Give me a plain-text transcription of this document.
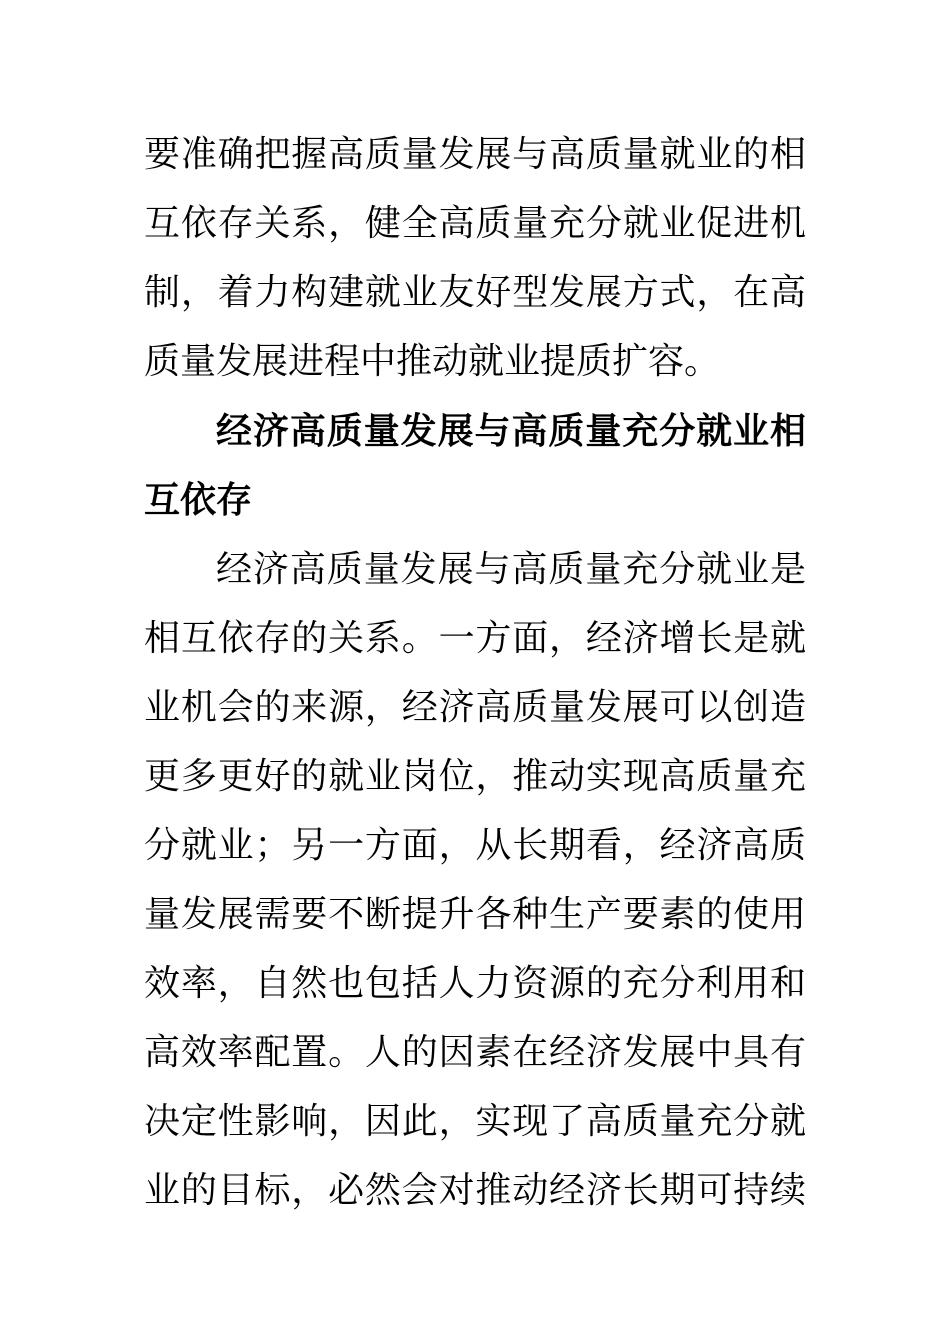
要准确把握高质量发展与高质量就业的相
互依存关系，健全高质量充分就业促进机
制，着力构建就业友好型发展方式，在高
质量发展进程中推动就业提质扩容。
经济高质量发展与高质量充分就业相
互依存
经济高质量发展与高质量充分就业是
相互依存的关系。一方面，经济增长是就
业机会的来源，经济高质量发展可以创造
更多更好的就业岗位，推动实现高质量充
分就业；另一方面，从长期看，经济高质
量发展需要不断提升各种生产要素的使用
效率，自然也包括人力资源的充分利用和
高效率配置。人的因素在经济发展中具有
决定性影响，因此，实现了高质量充分就
业的目标，必然会对推动经济长期可持续
